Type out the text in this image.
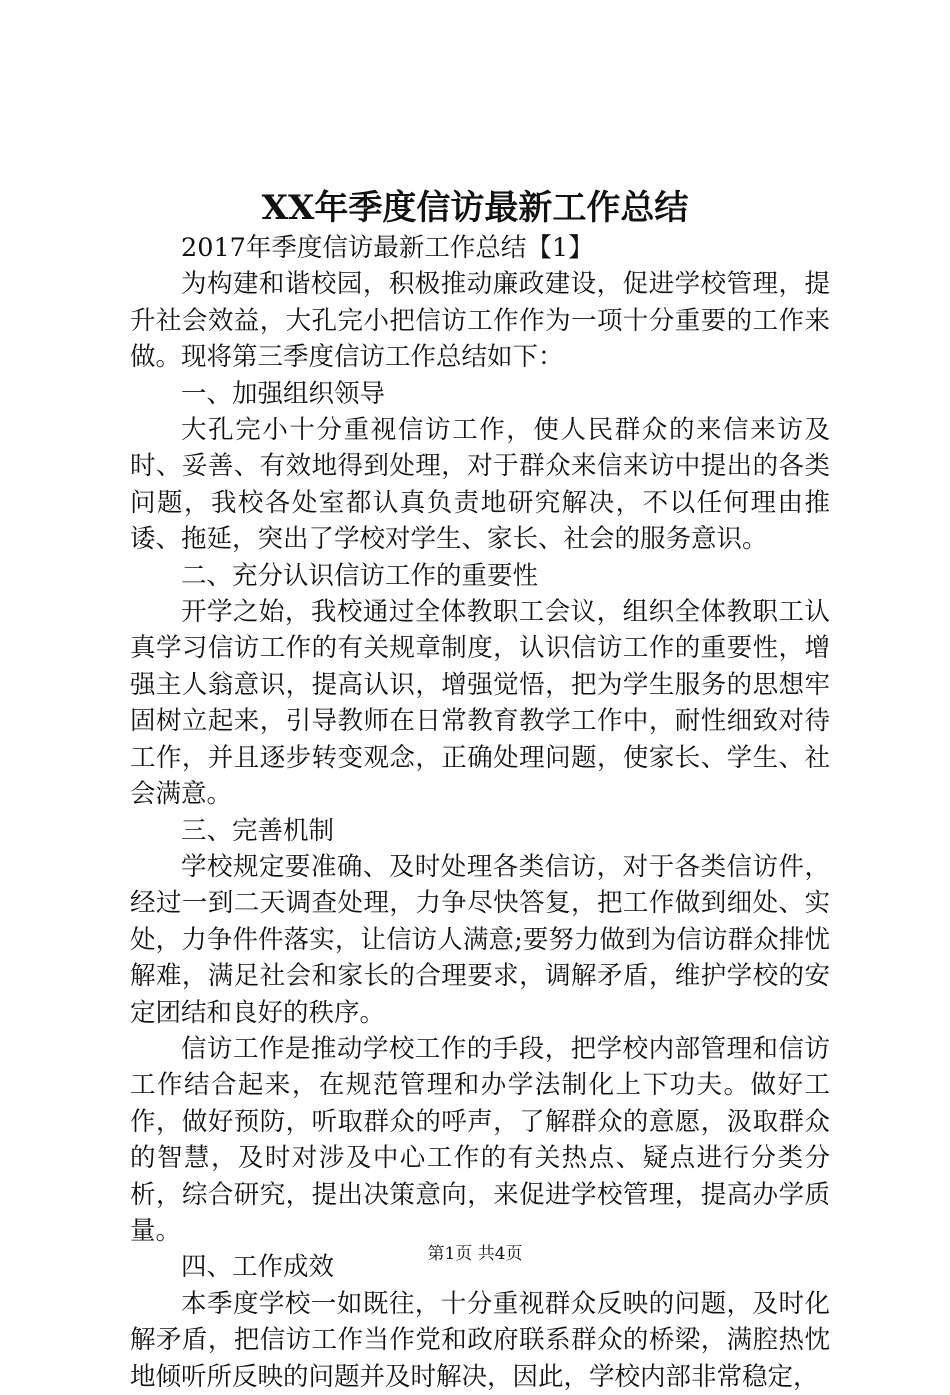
XX年季度信访最新工作总结

2017年季度信访最新工作总结【1】

为构建和谐校园，积极推动廉政建设，促进学校管理，提升社会效益，大孔完小把信访工作作为一项十分重要的工作来做。现将第三季度信访工作总结如下：

一、加强组织领导

大孔完小十分重视信访工作，使人民群众的来信来访及时、妥善、有效地得到处理，对于群众来信来访中提出的各类问题，我校各处室都认真负责地研究解决，不以任何理由推诿、拖延，突出了学校对学生、家长、社会的服务意识。

二、充分认识信访工作的重要性

开学之始，我校通过全体教职工会议，组织全体教职工认真学习信访工作的有关规章制度，认识信访工作的重要性，增强主人翁意识，提高认识，增强觉悟，把为学生服务的思想牢固树立起来，引导教师在日常教育教学工作中，耐性细致对待工作，并且逐步转变观念，正确处理问题，使家长、学生、社会满意。

三、完善机制

学校规定要准确、及时处理各类信访，对于各类信访件，经过一到二天调查处理，力争尽快答复，把工作做到细处、实处，力争件件落实，让信访人满意;要努力做到为信访群众排忧解难，满足社会和家长的合理要求，调解矛盾，维护学校的安定团结和良好的秩序。

信访工作是推动学校工作的手段，把学校内部管理和信访工作结合起来，在规范管理和办学法制化上下功夫。做好工作，做好预防，听取群众的呼声，了解群众的意愿，汲取群众的智慧，及时对涉及中心工作的有关热点、疑点进行分类分析，综合研究，提出决策意向，来促进学校管理，提高办学质量。

四、工作成效

本季度学校一如既往，十分重视群众反映的问题，及时化解矛盾，把信访工作当作党和政府联系群众的桥梁，满腔热忱地倾听所反映的问题并及时解决，因此，学校内部非常稳定，

第1页 共4页
